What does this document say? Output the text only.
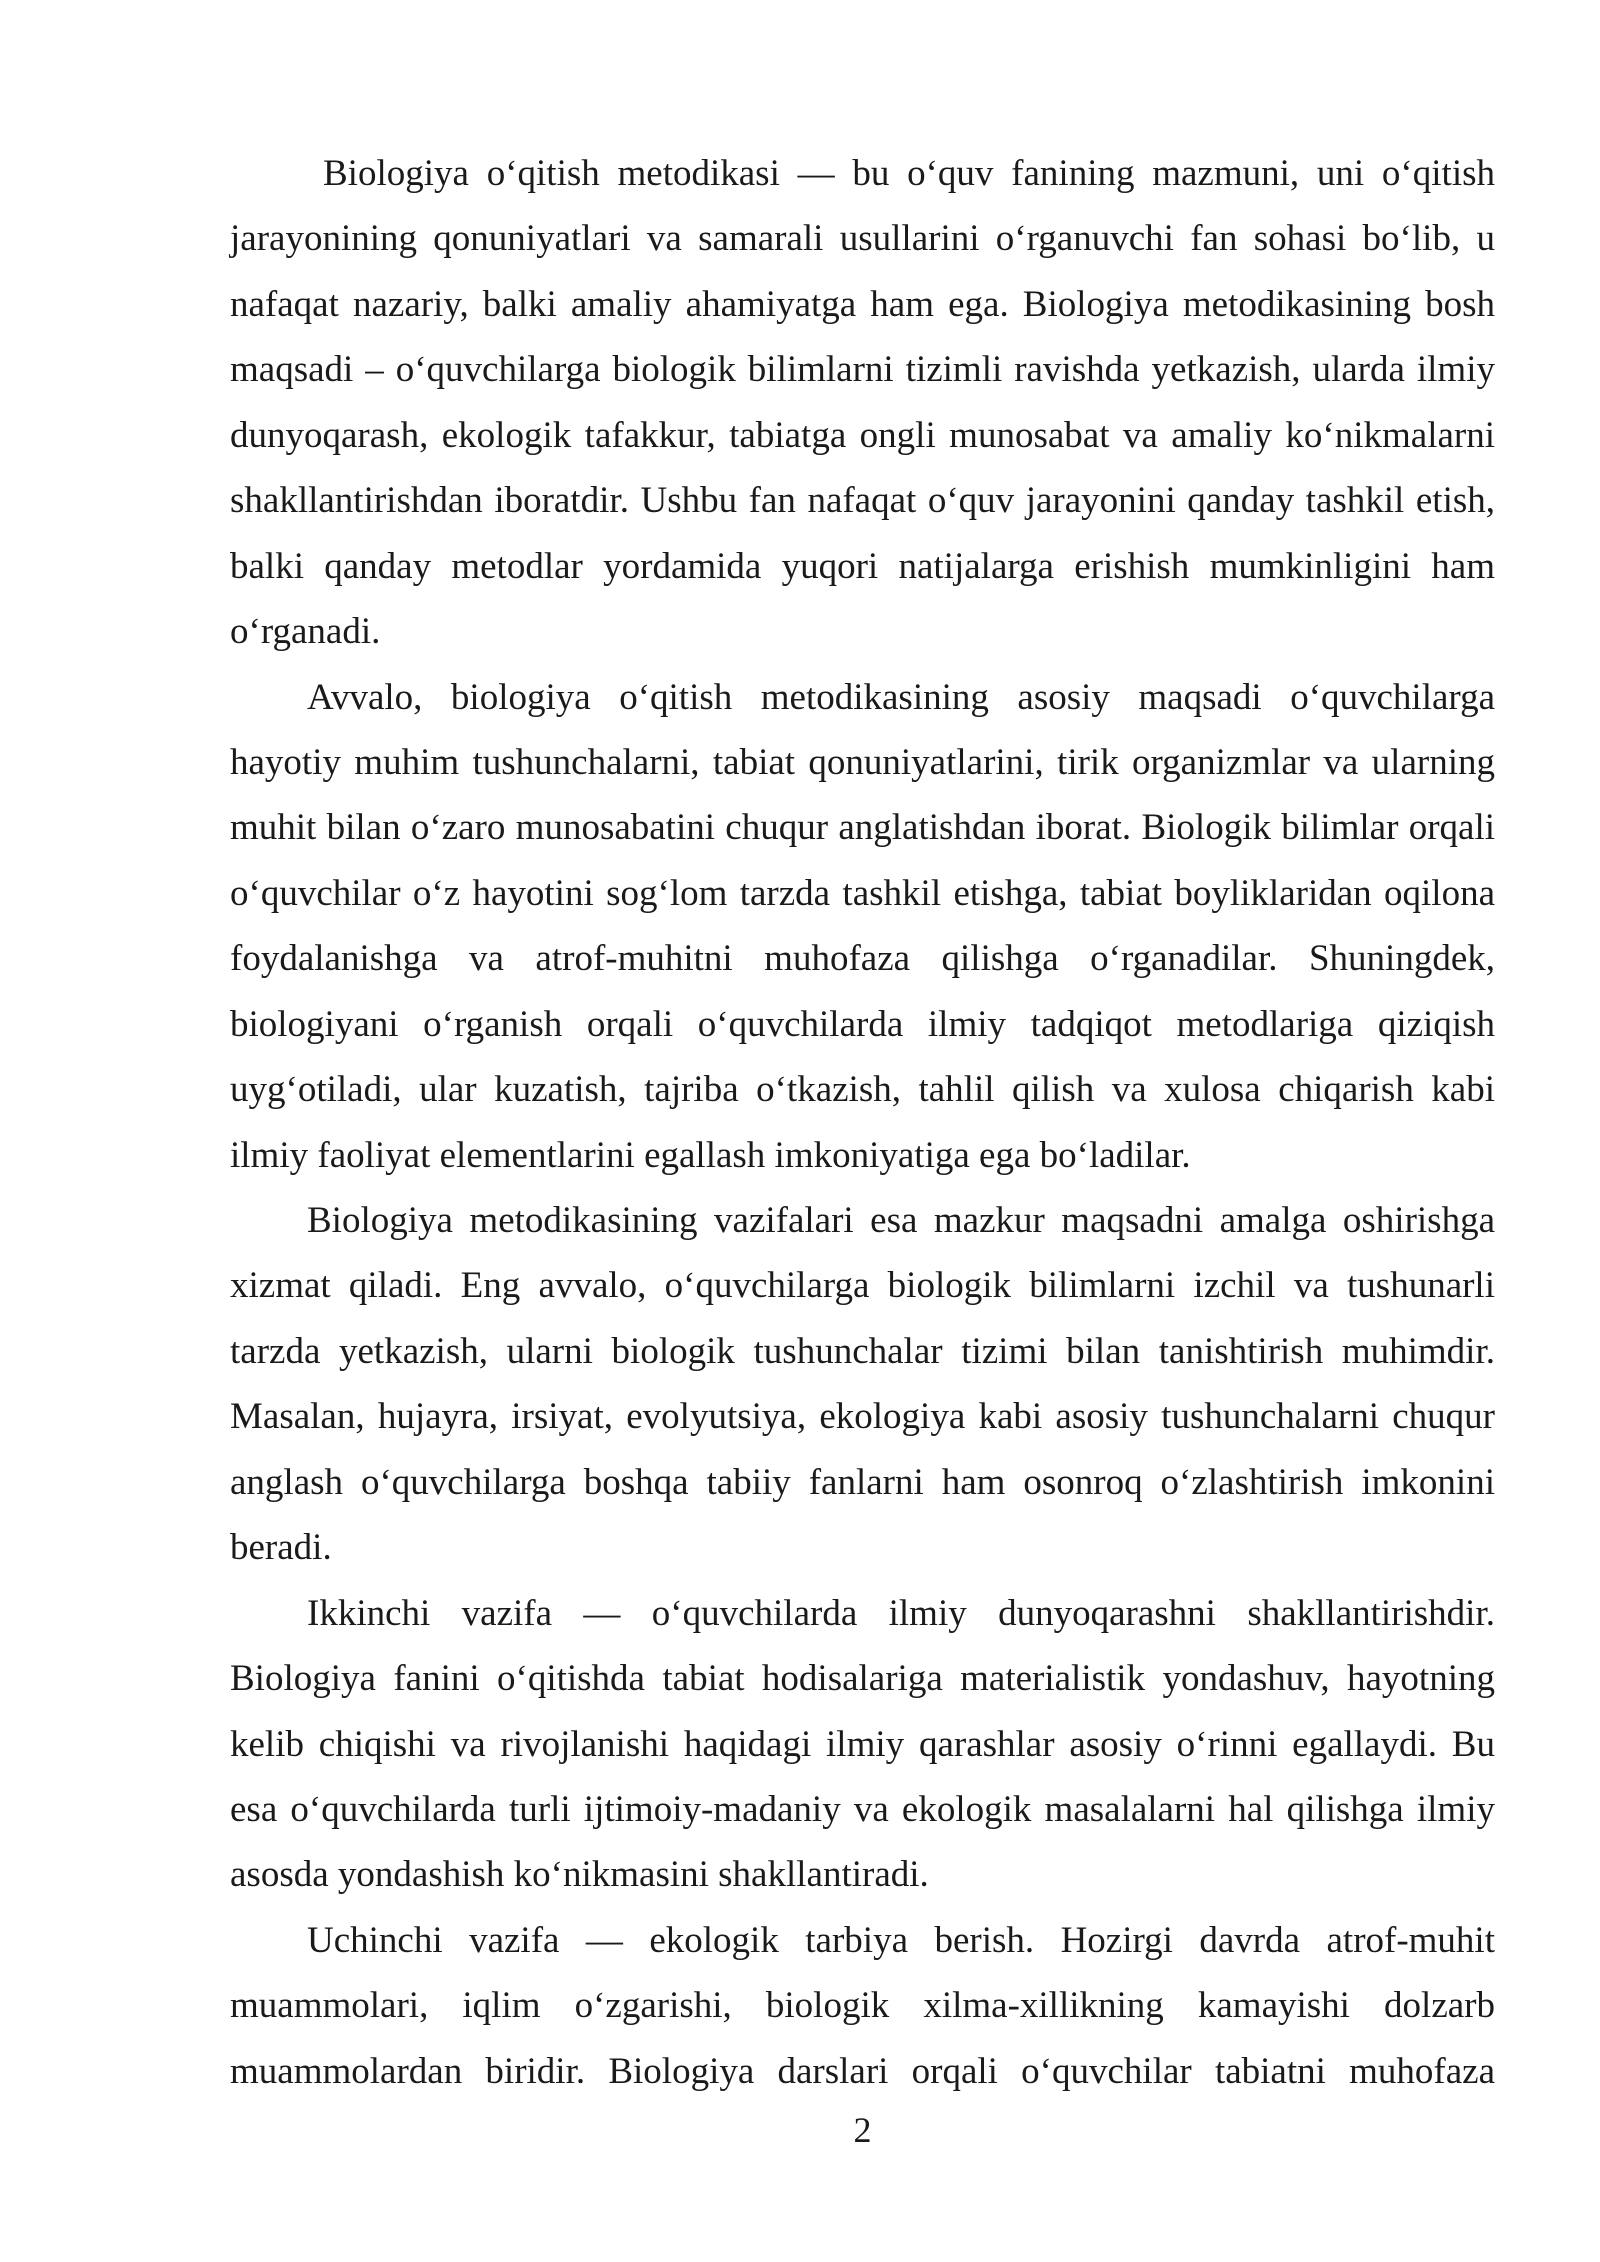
Biologiya o‘qitish metodikasi — bu o‘quv fanining mazmuni, uni o‘qitish
jarayonining qonuniyatlari va samarali usullarini o‘rganuvchi fan sohasi bo‘lib, u
nafaqat nazariy, balki amaliy ahamiyatga ham ega. Biologiya metodikasining bosh
maqsadi – o‘quvchilarga biologik bilimlarni tizimli ravishda yetkazish, ularda ilmiy
dunyoqarash, ekologik tafakkur, tabiatga ongli munosabat va amaliy ko‘nikmalarni
shakllantirishdan iboratdir. Ushbu fan nafaqat o‘quv jarayonini qanday tashkil etish,
balki qanday metodlar yordamida yuqori natijalarga erishish mumkinligini ham
o‘rganadi.
Avvalo, biologiya o‘qitish metodikasining asosiy maqsadi o‘quvchilarga
hayotiy muhim tushunchalarni, tabiat qonuniyatlarini, tirik organizmlar va ularning
muhit bilan o‘zaro munosabatini chuqur anglatishdan iborat. Biologik bilimlar orqali
o‘quvchilar o‘z hayotini sog‘lom tarzda tashkil etishga, tabiat boyliklaridan oqilona
foydalanishga va atrof-muhitni muhofaza qilishga o‘rganadilar. Shuningdek,
biologiyani o‘rganish orqali o‘quvchilarda ilmiy tadqiqot metodlariga qiziqish
uyg‘otiladi, ular kuzatish, tajriba o‘tkazish, tahlil qilish va xulosa chiqarish kabi
ilmiy faoliyat elementlarini egallash imkoniyatiga ega bo‘ladilar.
Biologiya metodikasining vazifalari esa mazkur maqsadni amalga oshirishga
xizmat qiladi. Eng avvalo, o‘quvchilarga biologik bilimlarni izchil va tushunarli
tarzda yetkazish, ularni biologik tushunchalar tizimi bilan tanishtirish muhimdir.
Masalan, hujayra, irsiyat, evolyutsiya, ekologiya kabi asosiy tushunchalarni chuqur
anglash o‘quvchilarga boshqa tabiiy fanlarni ham osonroq o‘zlashtirish imkonini
beradi.
Ikkinchi vazifa — o‘quvchilarda ilmiy dunyoqarashni shakllantirishdir.
Biologiya fanini o‘qitishda tabiat hodisalariga materialistik yondashuv, hayotning
kelib chiqishi va rivojlanishi haqidagi ilmiy qarashlar asosiy o‘rinni egallaydi. Bu
esa o‘quvchilarda turli ijtimoiy-madaniy va ekologik masalalarni hal qilishga ilmiy
asosda yondashish ko‘nikmasini shakllantiradi.
Uchinchi vazifa — ekologik tarbiya berish. Hozirgi davrda atrof-muhit
muammolari, iqlim o‘zgarishi, biologik xilma-xillikning kamayishi dolzarb
muammolardan biridir. Biologiya darslari orqali o‘quvchilar tabiatni muhofaza
2
